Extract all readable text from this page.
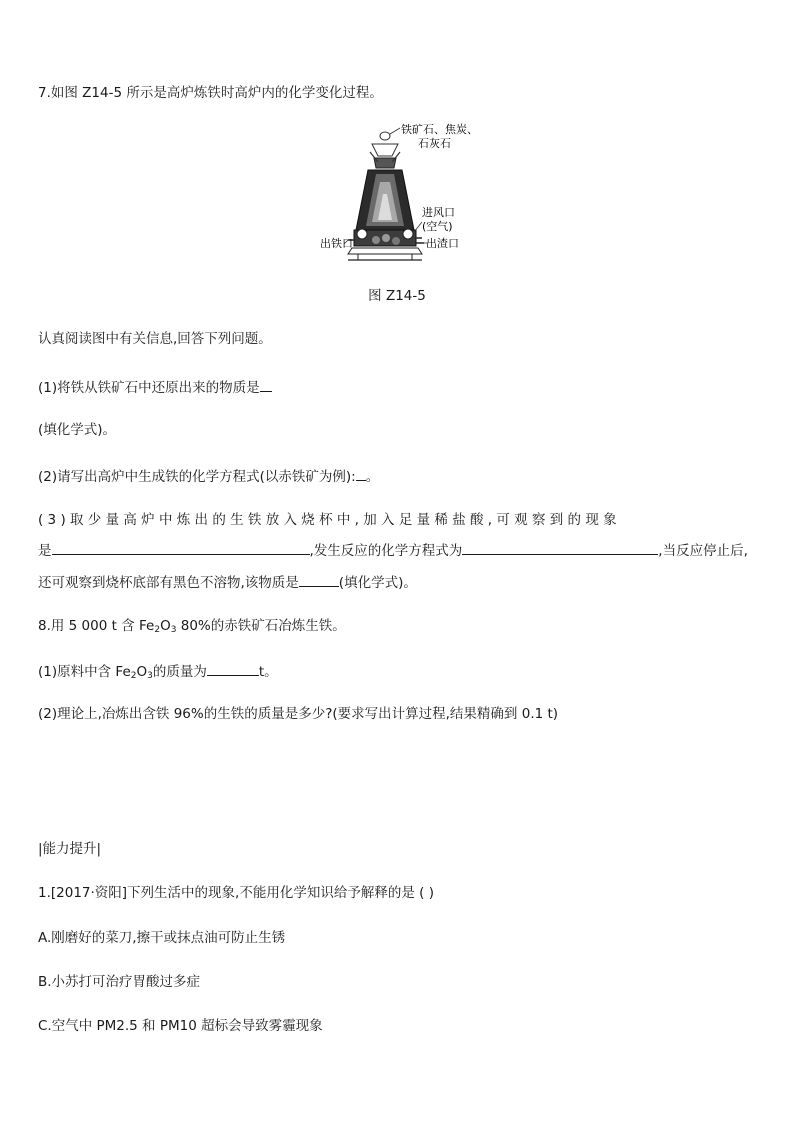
7.如图 Z14-5 所示是高炉炼铁时高炉内的化学变化过程。
铁矿石、焦炭、
石灰石
进风口
(空气)
出铁口	出渣口
图 Z14-5
认真阅读图中有关信息,回答下列问题。
(1)将铁从铁矿石中还原出来的物质是
(填化学式)。
(2)请写出高炉中生成铁的化学方程式(以赤铁矿为例): 。
( 3 ) 取 少 量 高 炉 中 炼 出 的 生 铁 放 入 烧 杯 中 , 加 入 足 量 稀 盐 酸 , 可 观 察 到 的 现 象
是	,发生反应的化学方程式为	,当反应停止后,
还可观察到烧杯底部有黑色不溶物,该物质是	(填化学式)。
8.用 5 000 t 含 $Fe_2O_3$ 80%的赤铁矿石冶炼生铁。
(1)原料中含 $Fe_2O_3$的质量为	t。
(2)理论上,冶炼出含铁 96%的生铁的质量是多少?(要求写出计算过程,结果精确到 0.1 t)
|能力提升|
1.[2017·资阳]下列生活中的现象,不能用化学知识给予解释的是 ( )
A.刚磨好的菜刀,擦干或抹点油可防止生锈
B.小苏打可治疗胃酸过多症
C.空气中 PM2.5 和 PM10 超标会导致雾霾现象
